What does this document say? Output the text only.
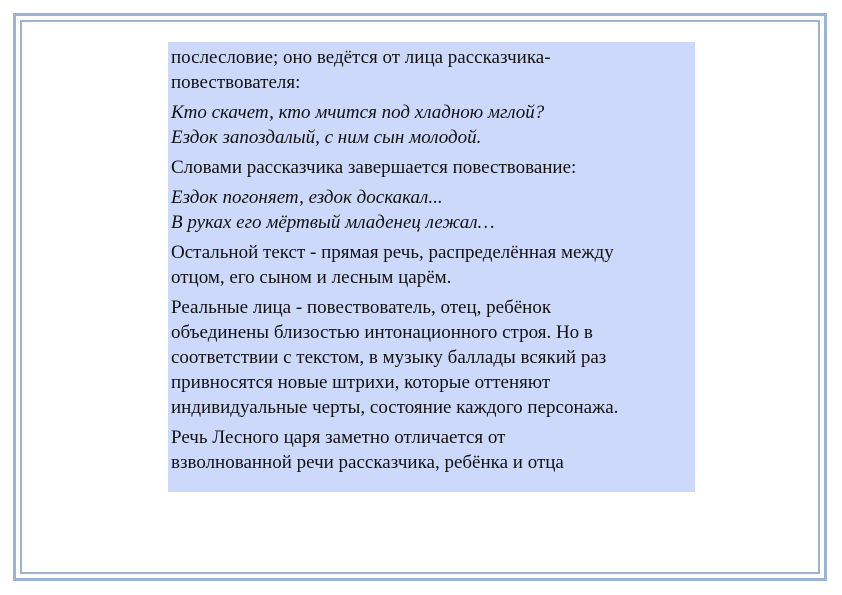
послесловие; оно ведётся от лица рассказчика-
повествователя:
Кто скачет, кто мчится под хладною мглой?
Ездок запоздалый, с ним сын молодой.
Словами рассказчика завершается повествование:
Ездок погоняет, ездок доскакал...
В руках его мёртвый младенец лежал…
Остальной текст - прямая речь, распределённая между
отцом, его сыном и лесным царём.
Реальные лица - повествователь, отец, ребёнок
объединены близостью интонационного строя. Но в
соответствии с текстом, в музыку баллады всякий раз
привносятся новые штрихи, которые оттеняют
индивидуальные черты, состояние каждого персонажа.
Речь Лесного царя заметно отличается от
взволнованной речи рассказчика, ребёнка и отца
